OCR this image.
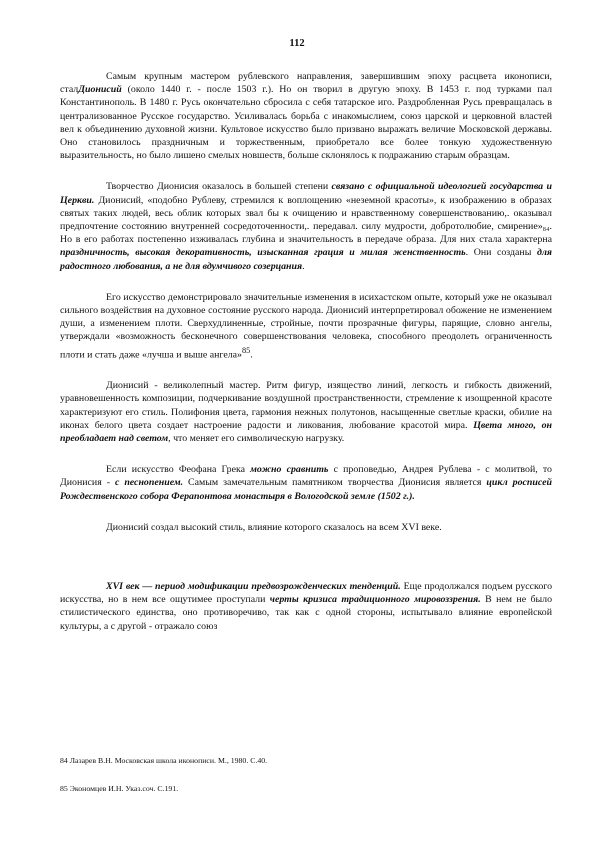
112

Самым крупным мастером рублевского направления, завершившим эпоху расцвета иконописи, сталДионисий (около 1440 г. - после 1503 г.). Но он творил в другую эпоху. В 1453 г. под турками пал Константинополь. В 1480 г. Русь окончательно сбросила с себя татарское иго. Раздробленная Русь превращалась в централизованное Русское государство. Усиливалась борьба с инакомыслием, союз царской и церковной властей вел к объединению духовной жизни. Культовое искусство было призвано выражать величие Московской державы. Оно становилось праздничным и торжественным, приобретало все более тонкую художественную выразительность, но было лишено смелых новшеств, больше склонялось к подражанию старым образцам.

Творчество Дионисия оказалось в большей степени связано с официальной идеологией государства и Церкви. Дионисий, «подобно Рублеву, стремился к воплощению «неземной красоты», к изображению в образах святых таких людей, весь облик которых звал бы к очищению и нравственному совершенствованию,. оказывал предпочтение состоянию внутренней сосредоточенности,. передавал. силу мудрости, добротолюбие, смирение»₈₄. Но в его работах постепенно изживалась глубина и значительность в передаче образа. Для них стала характерна праздничность, высокая декоративность, изысканная грация и милая женственность. Они созданы для радостного любования, а не для вдумчивого созерцания.

Его искусство демонстрировало значительные изменения в исихастском опыте, который уже не оказывал сильного воздействия на духовное состояние русского народа. Дионисий интерпретировал обожение не изменением души, а изменением плоти. Сверхудлиненные, стройные, почти прозрачные фигуры, парящие, словно ангелы, утверждали «возможность бесконечного совершенствования человека, способного преодолеть ограниченность плоти и стать даже «лучша и выше ангела»$^{85}$.

Дионисий - великолепный мастер. Ритм фигур, изящество линий, легкость и гибкость движений, уравновешенность композиции, подчеркивание воздушной пространственности, стремление к изощренной красоте характеризуют его стиль. Полифония цвета, гармония нежных полутонов, насыщенные светлые краски, обилие на иконах белого цвета создает настроение радости и ликования, любование красотой мира. Цвета много, он преобладает над светом, что меняет его символическую нагрузку.

Если искусство Феофана Грека можно сравнить с проповедью, Андрея Рублева - с молитвой, то Дионисия - с песнопением. Самым замечательным памятником творчества Дионисия является цикл росписей Рождественского собора Ферапонтова монастыря в Вологодской земле (1502 г.).

Дионисий создал высокий стиль, влияние которого сказалось на всем XVI веке.

XVI век — период модификации предвозрожденческих тенденций. Еще продолжался подъем русского искусства, но в нем все ощутимее проступали черты кризиса традиционного мировоззрения. В нем не было стилистического единства, оно противоречиво, так как с одной стороны, испытывало влияние европейской культуры, а с другой - отражало союз

84 Лазарев В.Н. Московская школа иконописи. М., 1980. С.40.
85 Экономцев И.Н. Указ.соч. С.191.
